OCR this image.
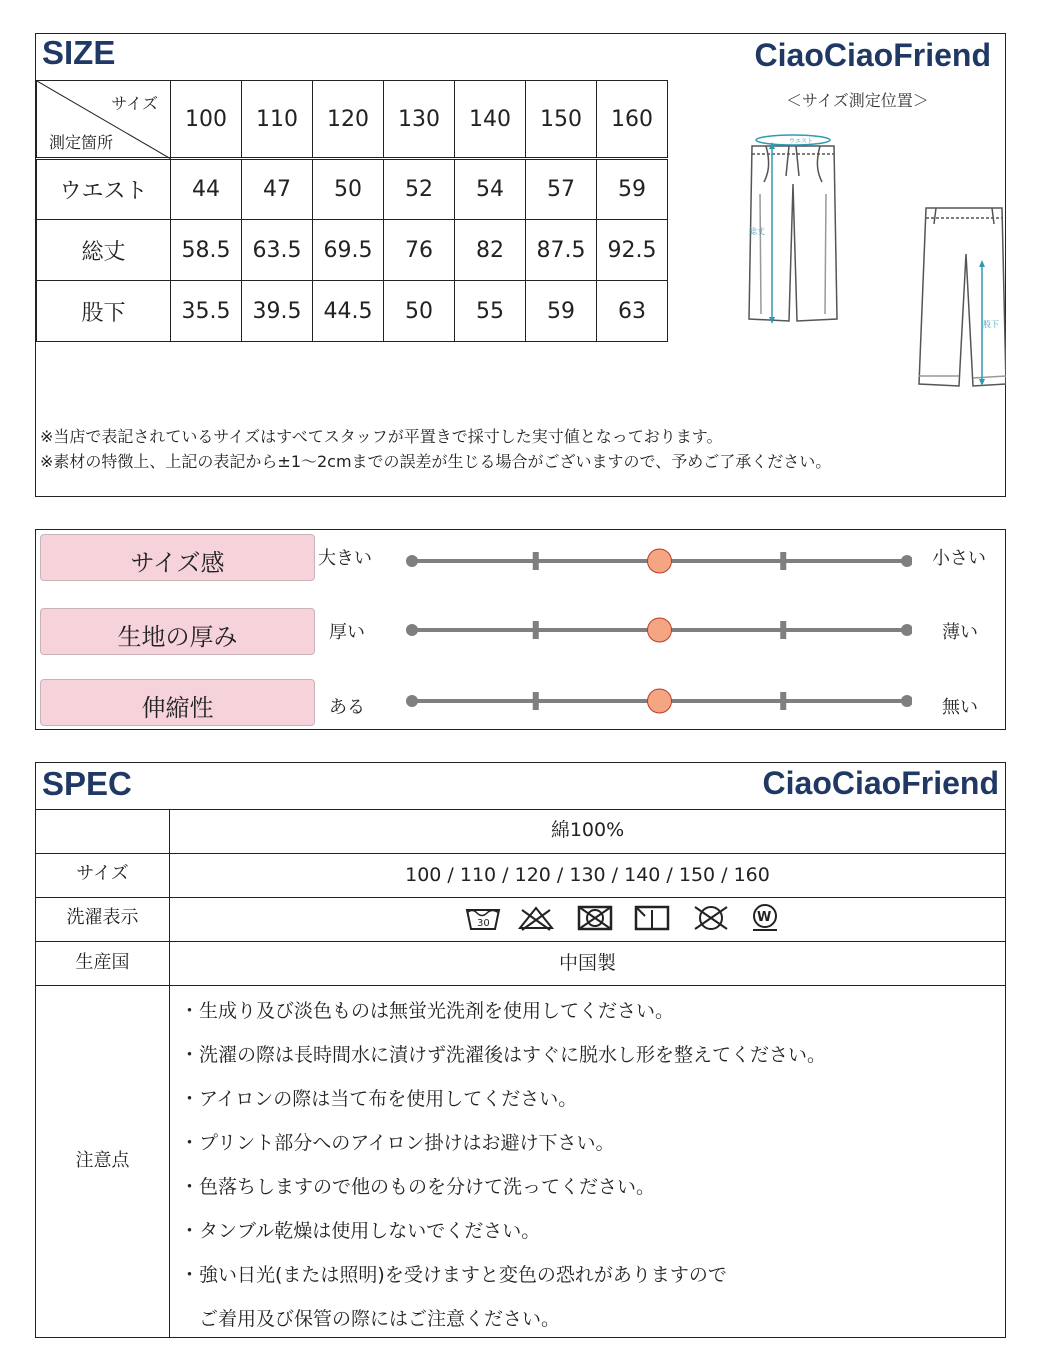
SIZE	CiaoCiaoFriend
サイズ
測定箇所	100	110	120	130	140	150	160
ウエスト	44	47	50	52	54	57	59
総丈	58.5	63.5	69.5	76	82	87.5	92.5
股下	35.5	39.5	44.5	50	55	59	63
＜サイズ測定位置＞
ウエスト
総丈
股下
※当店で表記されているサイズはすべてスタッフが平置きで採寸した実寸値となっております。
※素材の特徴上、上記の表記から±1〜2cmまでの誤差が生じる場合がございますので、予めご了承ください。
サイズ感	大きい	小さい
生地の厚み	厚い	薄い
伸縮性	ある	無い
SPEC	CiaoCiaoFriend
綿100%
サイズ	100 / 110 / 120 / 130 / 140 / 150 / 160
洗濯表示	30	W
生産国	中国製
注意点
・生成り及び淡色ものは無蛍光洗剤を使用してください。
・洗濯の際は長時間水に漬けず洗濯後はすぐに脱水し形を整えてください。
・アイロンの際は当て布を使用してください。
・プリント部分へのアイロン掛けはお避け下さい。
・色落ちしますので他のものを分けて洗ってください。
・タンブル乾燥は使用しないでください。
・強い日光(または照明)を受けますと変色の恐れがありますので
　ご着用及び保管の際にはご注意ください。
